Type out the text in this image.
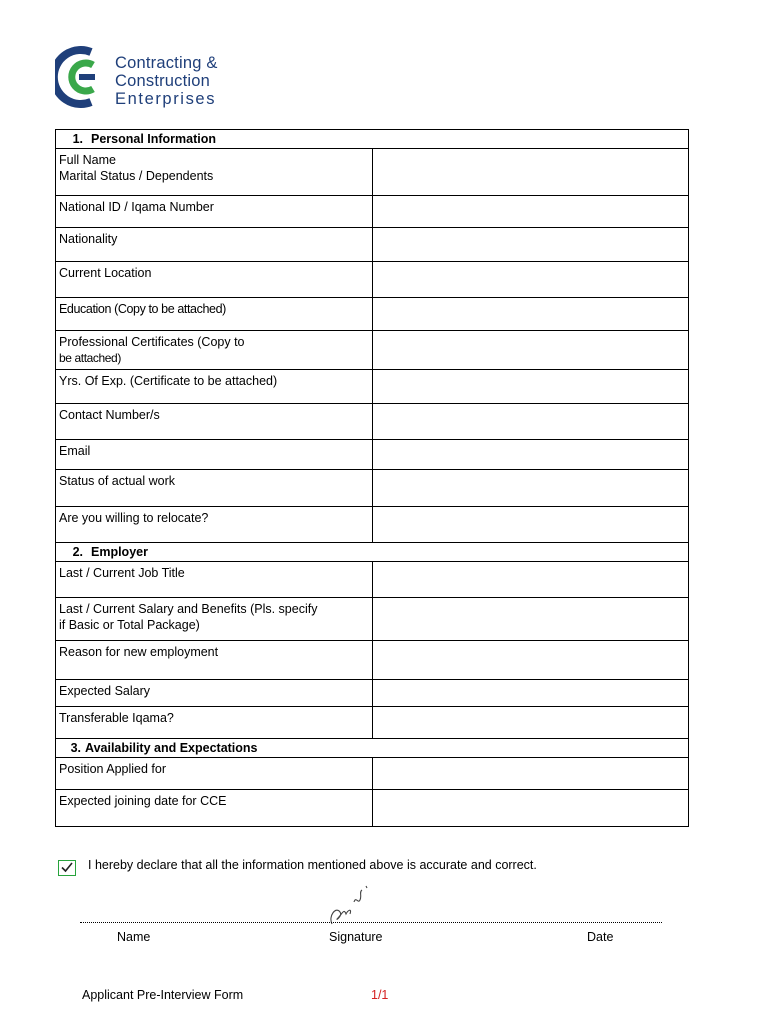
Contracting &
Construction
Enterprises
1. Personal Information	

Full Name
Marital Status / Dependents	

National ID / Iqama Number	
Nationality	
Current Location	
Education (Copy to be attached)	

Professional Certificates (Copy to
be attached)	

Yrs. Of Exp. (Certificate to be attached)	
Contact Number/s	
Email	
Status of actual work	
Are you willing to relocate?	
2. Employer	
Last / Current Job Title	

Last / Current Salary and Benefits (Pls. specify
if Basic or Total Package)	

Reason for new employment	
Expected Salary	
Transferable Iqama?	
3. Availability and Expectations	
Position Applied for	
Expected joining date for CCE	
I hereby declare that all the information mentioned above is accurate and correct.
Name	Signature	Date
Applicant Pre-Interview Form	1/1
